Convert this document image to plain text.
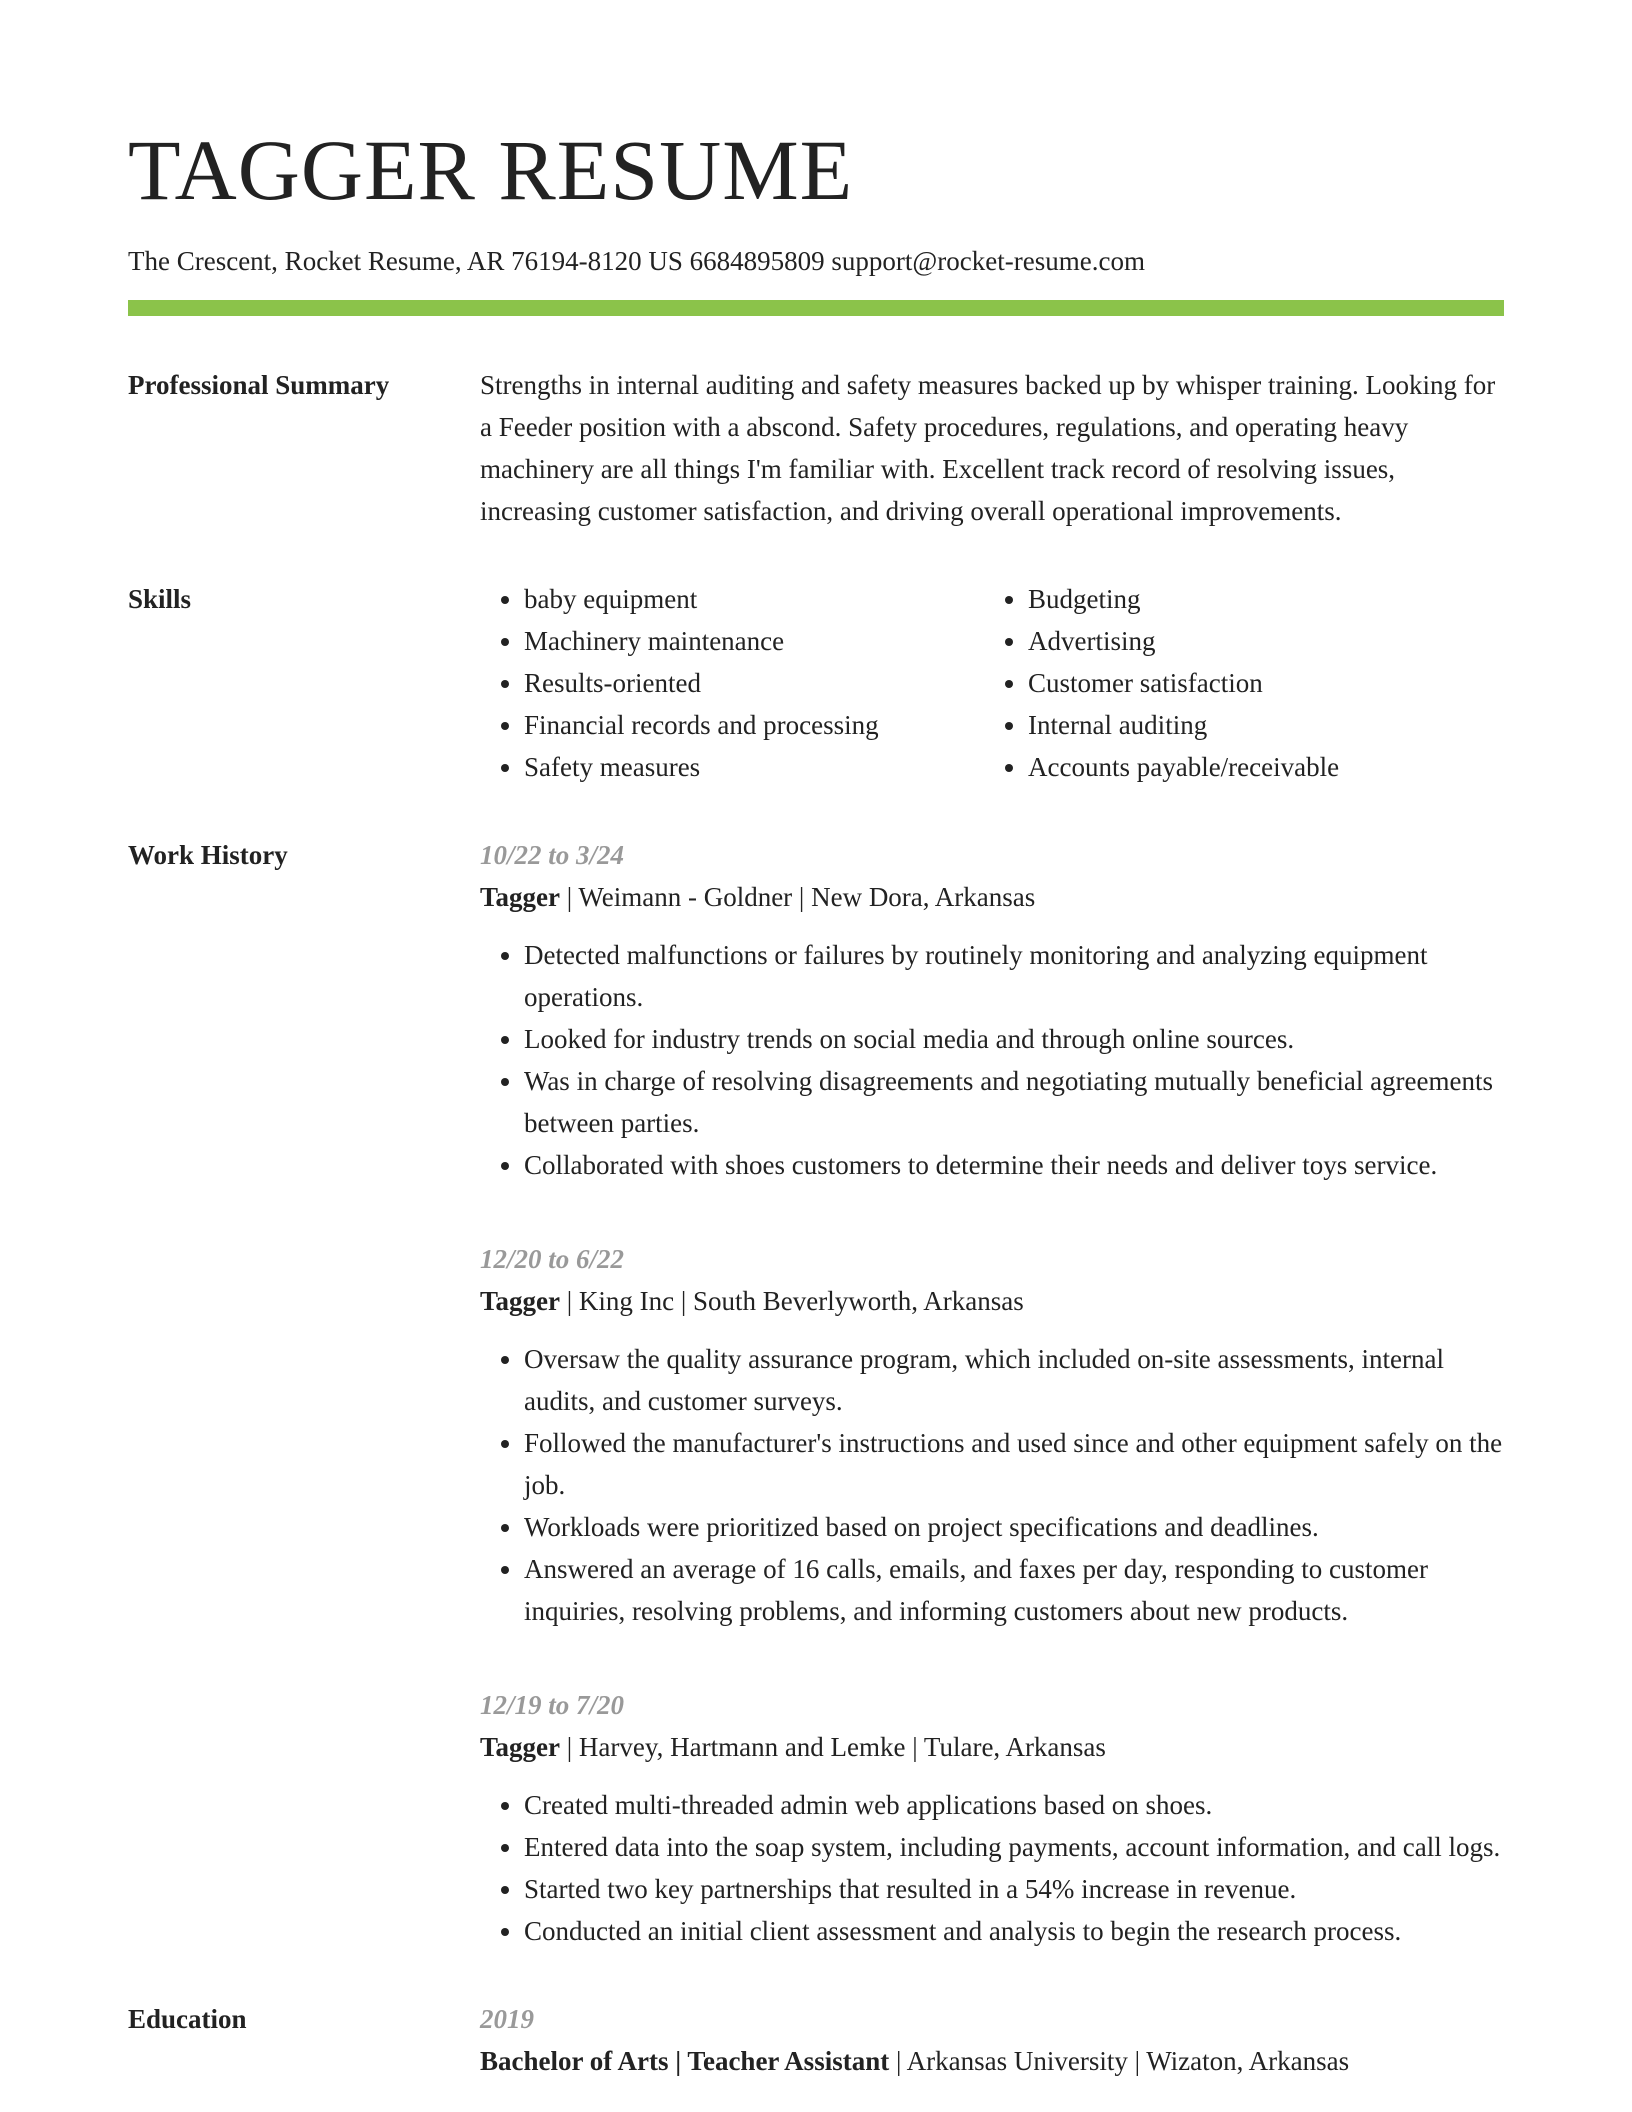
TAGGER RESUME
The Crescent, Rocket Resume, AR 76194-8120 US 6684895809 support@rocket-resume.com
Professional Summary	Strengths in internal auditing and safety measures backed up by whisper training. Looking for a Feeder position with a abscond. Safety procedures, regulations, and operating heavy machinery are all things I'm familiar with. Excellent track record of resolving issues, increasing customer satisfaction, and driving overall operational improvements.

Skills
•	baby equipment
• Machinery maintenance
• Results-oriented
• Financial records and processing
• Safety measures
• Budgeting
• Advertising
• Customer satisfaction
• Internal auditing
• Accounts payable/receivable
Work History	10/22 to 3/24
Tagger | Weimann - Goldner | New Dora, Arkansas
• Detected malfunctions or failures by routinely monitoring and analyzing equipment operations.
• Looked for industry trends on social media and through online sources.
• Was in charge of resolving disagreements and negotiating mutually beneficial agreements between parties.
• Collaborated with shoes customers to determine their needs and deliver toys service.
12/20 to 6/22
Tagger | King Inc | South Beverlyworth, Arkansas
• Oversaw the quality assurance program, which included on-site assessments, internal audits, and customer surveys.
• Followed the manufacturer's instructions and used since and other equipment safely on the job.
• Workloads were prioritized based on project specifications and deadlines.
• Answered an average of 16 calls, emails, and faxes per day, responding to customer inquiries, resolving problems, and informing customers about new products.
12/19 to 7/20
Tagger | Harvey, Hartmann and Lemke | Tulare, Arkansas
• Created multi-threaded admin web applications based on shoes.
• Entered data into the soap system, including payments, account information, and call logs.
• Started two key partnerships that resulted in a 54% increase in revenue.
• Conducted an initial client assessment and analysis to begin the research process.
Education	2019
Bachelor of Arts | Teacher Assistant | Arkansas University | Wizaton, Arkansas
